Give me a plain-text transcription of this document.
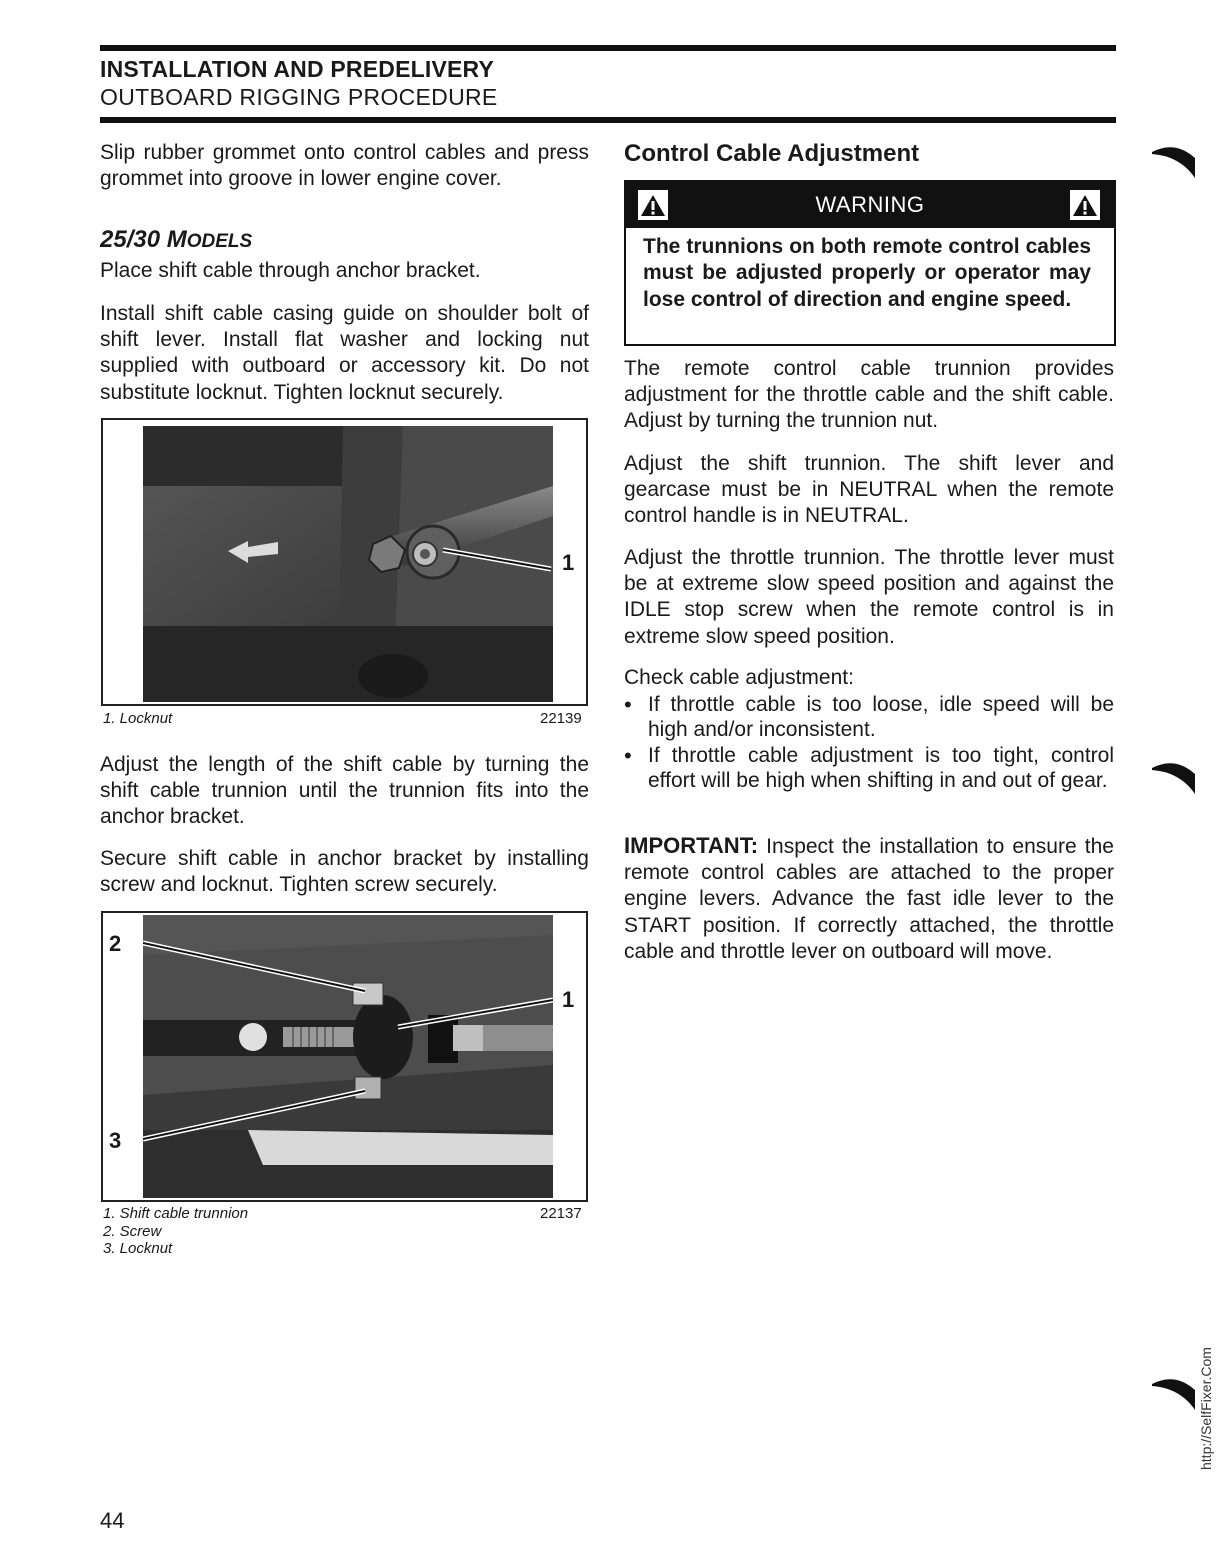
INSTALLATION AND PREDELIVERY
OUTBOARD RIGGING PROCEDURE

Slip rubber grommet onto control cables and press grommet into groove in lower engine cover.

25/30 MODELS

Place shift cable through anchor bracket.

Install shift cable casing guide on shoulder bolt of shift lever. Install flat washer and locking nut supplied with outboard or accessory kit. Do not substitute locknut. Tighten locknut securely.

1
1. Locknut	22139

Adjust the length of the shift cable by turning the shift cable trunnion until the trunnion fits into the anchor bracket.

Secure shift cable in anchor bracket by installing screw and locknut. Tighten screw securely.

2
1
3
1. Shift cable trunnion
2. Screw
3. Locknut
22137
Control Cable Adjustment
WARNING
The trunnions on both remote control cables must be adjusted properly or operator may lose control of direction and engine speed.

The remote control cable trunnion provides adjustment for the throttle cable and the shift cable. Adjust by turning the trunnion nut.

Adjust the shift trunnion. The shift lever and gearcase must be in NEUTRAL when the remote control handle is in NEUTRAL.

Adjust the throttle trunnion. The throttle lever must be at extreme slow speed position and against the IDLE stop screw when the remote control is in extreme slow speed position.

Check cable adjustment:

• If throttle cable is too loose, idle speed will be high and/or inconsistent.
• If throttle cable adjustment is too tight, control effort will be high when shifting in and out of gear.

IMPORTANT: Inspect the installation to ensure the remote control cables are attached to the proper engine levers. Advance the fast idle lever to the START position. If correctly attached, the throttle cable and throttle lever on outboard will move.

44
http://SelfFixer.Com
